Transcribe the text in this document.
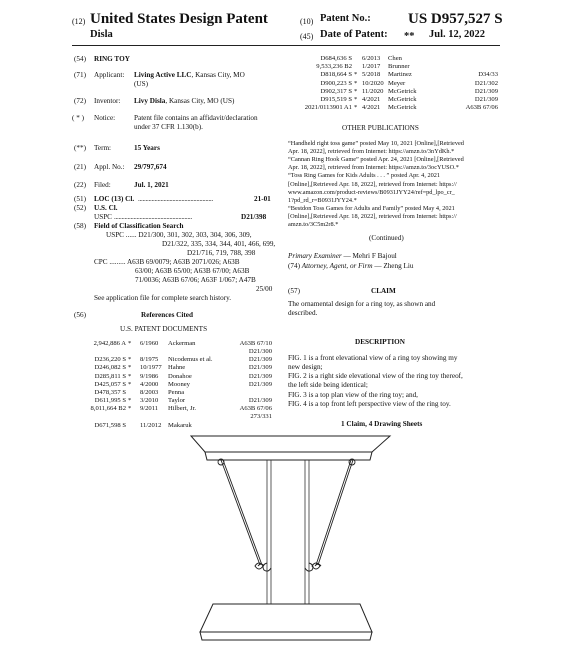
(12) United States Design Patent
Disla
(10) Patent No.: US D957,527 S
(45) Date of Patent: ** Jul. 12, 2022
(54) RING TOY
(71) Applicant: Living Active LLC, Kansas City, MO
(US)
(72) Inventor: Livy Disla, Kansas City, MO (US)
( * ) Notice:	Patent file contains an affidavit/declaration
under 37 CFR 1.130(b).
(**) Term:	15 Years
(21) Appl. No.: 29/797,674
(22) Filed:	Jul. 1, 2021
(51) LOC (13) Cl. ..................................................	21-01
(52) U.S. Cl.
USPC ....................................................	D21/398
(58) Field of Classification Search
USPC ...... D21/300, 301, 302, 303, 304, 306, 309,
D21/322, 335, 334, 344, 401, 466, 699,
D21/716, 719, 788, 398
CPC ......... A63B 69/0079; A63B 2071/026; A63B
63/00; A63B 65/00; A63B 67/00; A63B
71/0036; A63B 67/06; A63F 1/067; A47B
25/00
See application file for complete search history.
(56)	References Cited
U.S. PATENT DOCUMENTS
2,942,886 A * 6/1960 Ackerman	A63B 67/10
D21/300
D236,220 S * 8/1975 Nicodemus et al.	D21/309
D246,082 S * 10/1977 Hahne	D21/309
D285,811 S * 9/1986 Donahoe	D21/309
D425,057 S * 4/2000 Mooney	D21/309
D478,357 S 8/2003 Penna
D611,995 S * 3/2010 Taylor	D21/309
8,011,664 B2 * 9/2011 Hilbert, Jr.	A63B 67/06
273/331
D671,598 S 11/2012 Makaruk
D684,636 S 6/2013 Chen
9,533,236 B2 1/2017 Brunner
D818,664 S * 5/2018 Martinez	D34/33
D900,223 S * 10/2020 Meyer	D21/302
D902,317 S * 11/2020 McGetrick	D21/309
D915,519 S * 4/2021 McGetrick	D21/309
2021/0113901 A1 * 4/2021 McGetrick	A63B 67/06
OTHER PUBLICATIONS
“Handheld right toss game” posted May 10, 2021 [Online],[Retrieved
Apr. 18, 2022], retrieved from Internet: https://amzn.to/3nYdKh.*
“Cannan Ring Hook Game” posted Apr. 24, 2021 [Online],[Retrieved
Apr. 18, 2022], retrieved from Internet: https://amzn.to/3ocYUSO.*
“Toss Ring Games for Kids Adults . . . ” posted Apr. 4, 2021
[Online],[Retrieved Apr. 18, 2022], retrieved from Internet: https://
www.amazon.com/product-reviews/B0931JYY24/ref=pd_lpo_cr_
1?pd_rd_r=B0931JYY24.*
“Bestdon Toss Games for Adults and Family” posted May 4, 2021
[Online],[Retrieved Apr. 18, 2022], retrieved from Internet: https://
amzn.to/3C5m2r8.*
(Continued)
Primary Examiner — Mehri F Bajoul
(74) Attorney, Agent, or Firm — Zheng Liu
(57)	CLAIM
The ornamental design for a ring toy, as shown and
described.
DESCRIPTION
FIG. 1 is a front elevational view of a ring toy showing my
new design;
FIG. 2 is a right side elevational view of the ring toy thereof,
the left side being identical;
FIG. 3 is a top plan view of the ring toy; and,
FIG. 4 is a top front left perspective view of the ring toy.
1 Claim, 4 Drawing Sheets
